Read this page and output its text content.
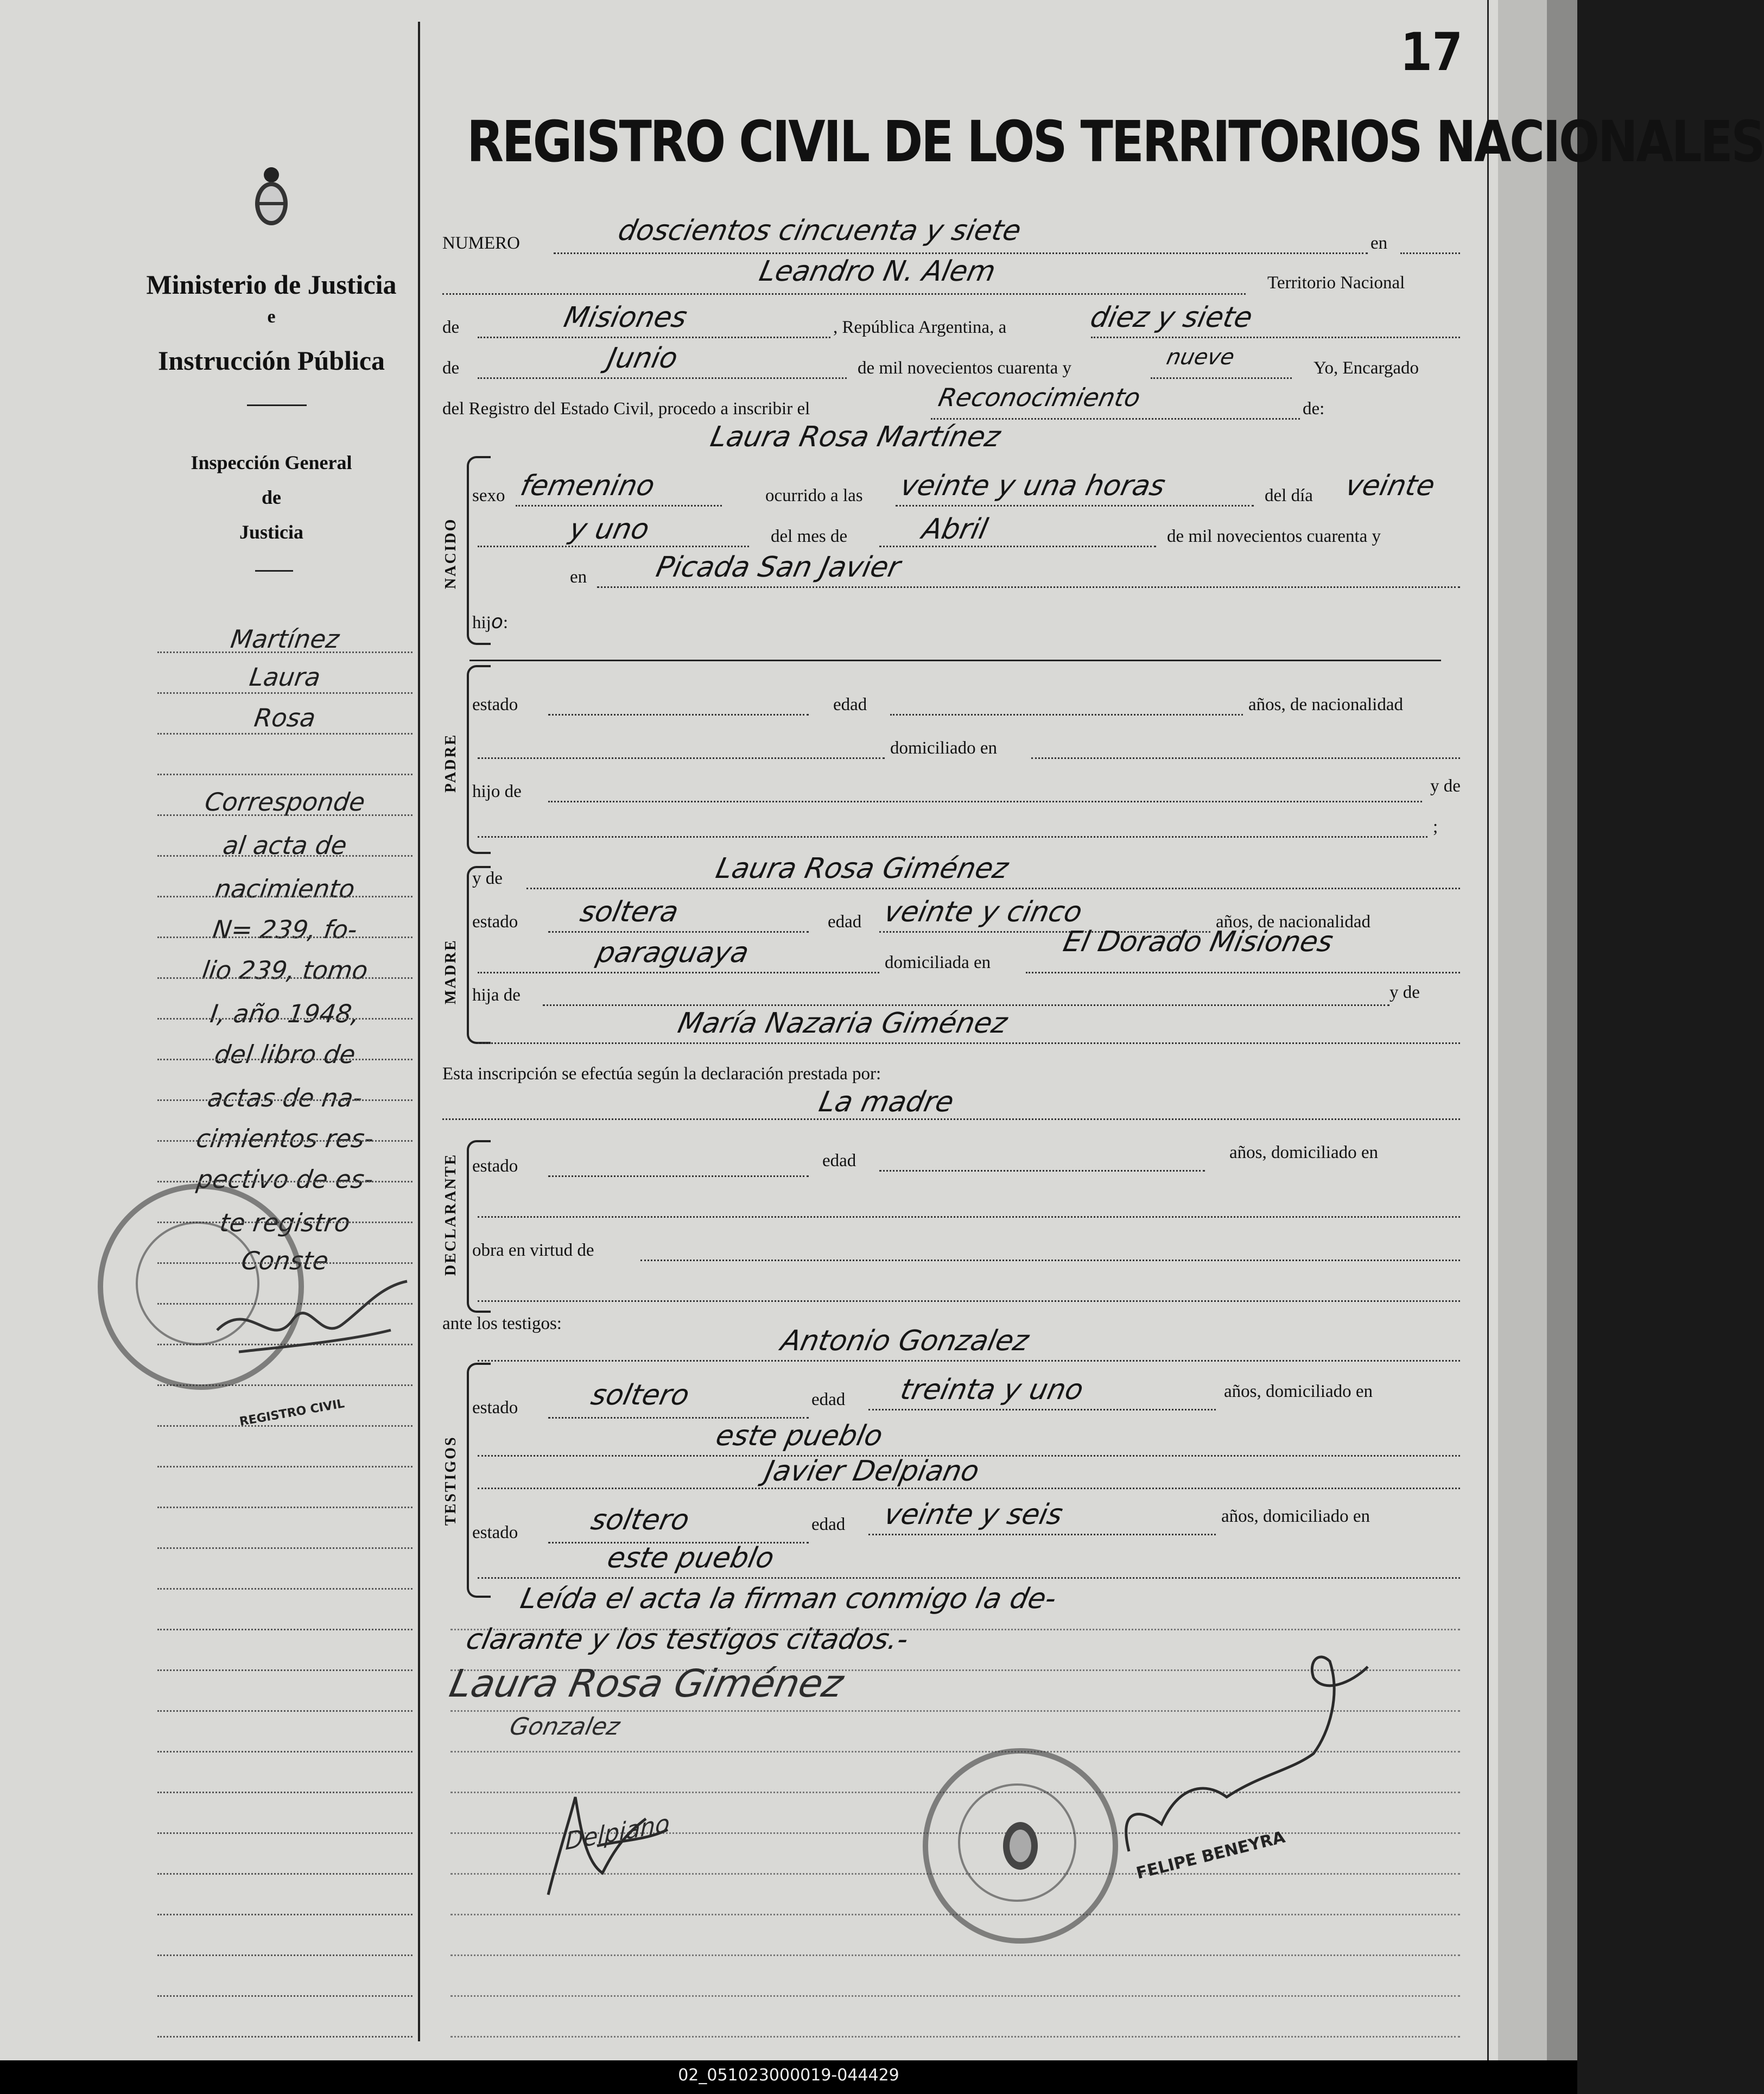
17
REGISTRO CIVIL DE LOS TERRITORIOS NACIONALES
Ministerio de Justicia
e
Instrucción Pública
Inspección General
de
Justicia
Martínez
Laura
Rosa
Corresponde
al acta de
nacimiento
N= 239, fo-
lio 239, tomo
I, año 1948,
del libro de
actas de na-
cimientos res-
pectivo de es-
te registro
Conste
NUMERO	doscientos cincuenta y siete	en
Leandro N. Alem	Territorio Nacional
de	Misiones	, República Argentina, a	diez y siete
de	Junio	de mil novecientos cuarenta y	nueve	Yo, Encargado
del Registro del Estado Civil, procedo a inscribir el	Reconocimiento	de:
Laura Rosa Martínez
NACIDO
sexo femenino	ocurrido a las veinte y una horas	del día veinte
y uno	del mes de	Abril	de mil novecientos cuarenta y
en Picada San Javier
hijo:
PADRE
estado	edad	años, de nacionalidad
domiciliado en
hijo de	y de
;
MADRE
y de	Laura Rosa Giménez
estado soltera	edad veinte y cinco	años, de nacionalidad
paraguaya	domiciliada en
El Dorado Misiones
hija de	y de
María Nazaria Giménez
Esta inscripción se efectúa según la declaración prestada por:
La madre
DECLARANTE estado	edad	años, domiciliado en
obra en virtud de
ante los testigos:
Antonio Gonzalez
TESTIGOS
estado soltero	edad treinta y uno	años, domiciliado en
este pueblo
Javier Delpiano
estado soltero	edad veinte y seis	años, domiciliado en
este pueblo
Leída el acta la firman conmigo la de-
clarante y los testigos citados.-
Laura Rosa Giménez
Gonzalez
Delpiano
REGISTRO CIVIL
FELIPE BENEYRA
02_051023000019-044429
